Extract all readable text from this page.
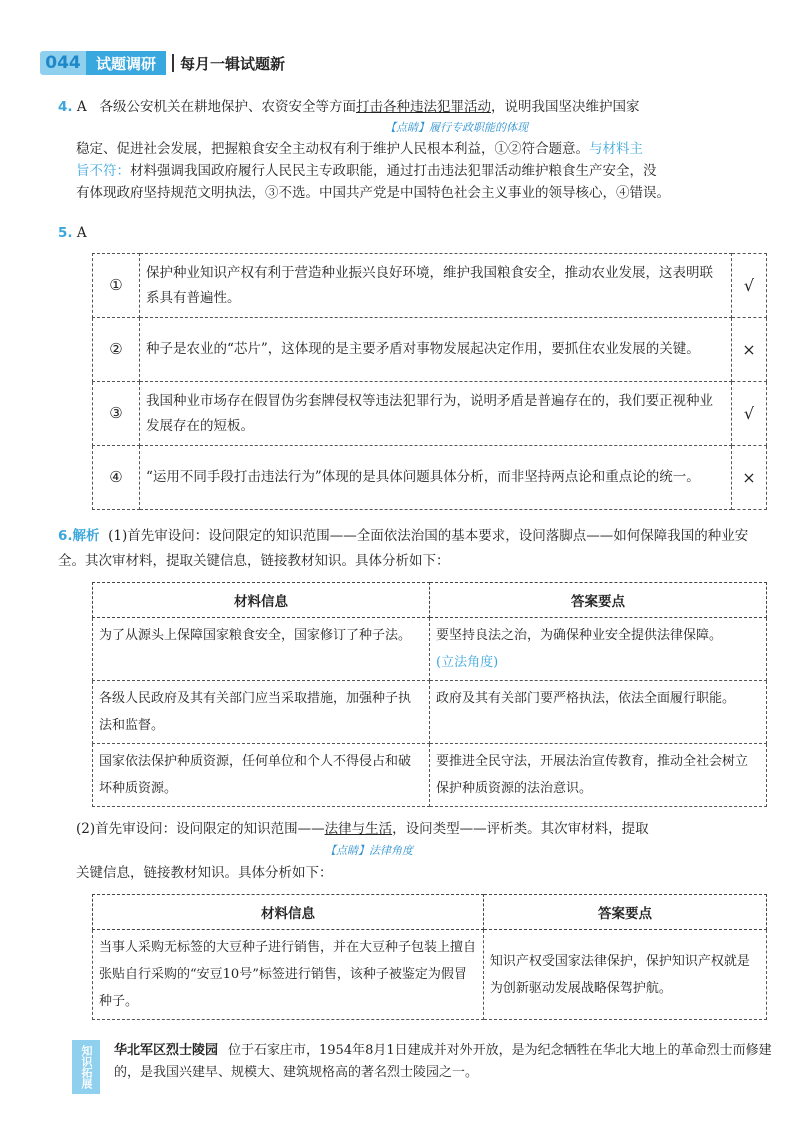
044	试题调研	每月一辑试题新
4. A 各级公安机关在耕地保护、农资安全等方面打击各种违法犯罪活动，说明我国坚决维护国家
【点睛】履行专政职能的体现
稳定、促进社会发展，把握粮食安全主动权有利于维护人民根本利益，①②符合题意。与材料主
旨不符：材料强调我国政府履行人民民主专政职能，通过打击违法犯罪活动维护粮食生产安全，没
有体现政府坚持规范文明执法，③不选。中国共产党是中国特色社会主义事业的领导核心，④错误。
5. A
①	保护种业知识产权有利于营造种业振兴良好环境，维护我国粮食安全，推动农业发展，这表明联系具有普遍性。	√
②	种子是农业的“芯片”，这体现的是主要矛盾对事物发展起决定作用，要抓住农业发展的关键。	×
③	我国种业市场存在假冒伪劣套牌侵权等违法犯罪行为，说明矛盾是普遍存在的，我们要正视种业发展存在的短板。	√
④	“运用不同手段打击违法行为”体现的是具体问题具体分析，而非坚持两点论和重点论的统一。	×
6.解析 (1)首先审设问：设问限定的知识范围——全面依法治国的基本要求，设问落脚点——如何保障我国的种业安全。其次审材料，提取关键信息，链接教材知识。具体分析如下：
材料信息	答案要点
为了从源头上保障国家粮食安全，国家修订了种子法。	要坚持良法之治，为确保种业安全提供法律保障。
(立法角度)

各级人民政府及其有关部门应当采取措施，加强种子执法和监督。	政府及其有关部门要严格执法，依法全面履行职能。
国家依法保护种质资源，任何单位和个人不得侵占和破坏种质资源。	要推进全民守法，开展法治宣传教育，推动全社会树立保护种质资源的法治意识。
(2)首先审设问：设问限定的知识范围——法律与生活，设问类型——评析类。其次审材料，提取
【点睛】法律角度
关键信息，链接教材知识。具体分析如下：
材料信息	答案要点
当事人采购无标签的大豆种子进行销售，并在大豆种子包装上擅自张贴自行采购的“安豆10号”标签进行销售，该种子被鉴定为假冒种子。	知识产权受国家法律保护，保护知识产权就是为创新驱动发展战略保驾护航。
知识拓展	华北军区烈士陵园 位于石家庄市，1954年8月1日建成并对外开放，是为纪念牺牲在华北大地上的革命烈士而修建的，是我国兴建早、规模大、建筑规格高的著名烈士陵园之一。
